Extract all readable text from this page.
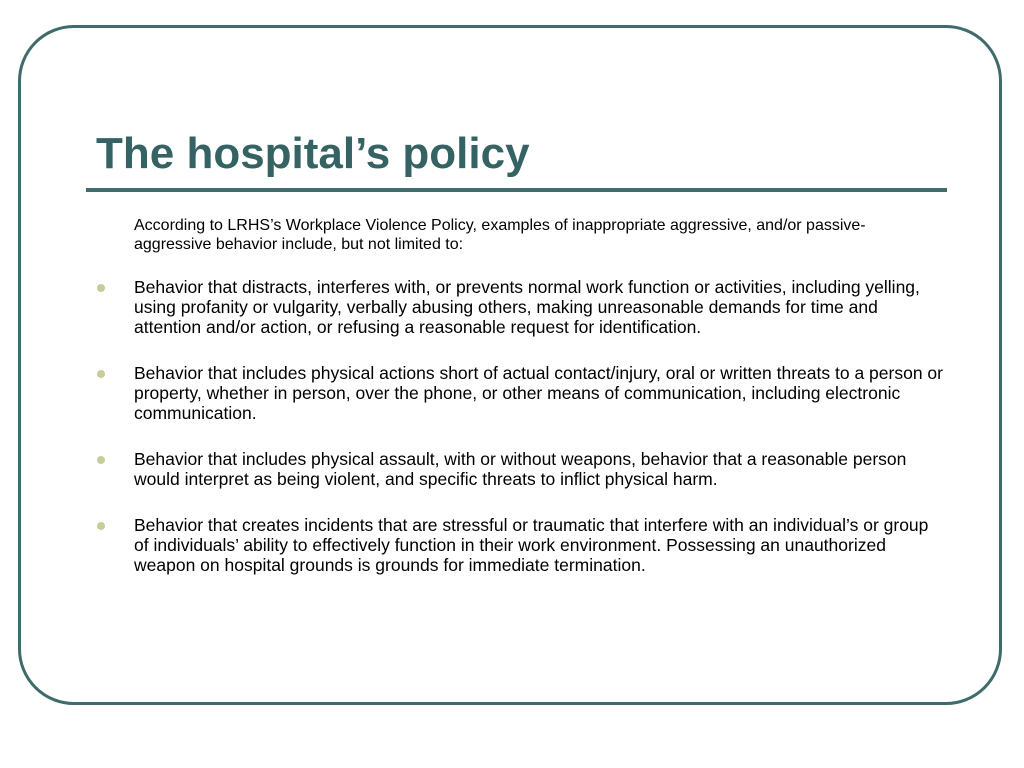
The hospital’s policy

According to LRHS’s Workplace Violence Policy, examples of inappropriate aggressive, and/or passive-aggressive behavior include, but not limited to:

Behavior that distracts, interferes with, or prevents normal work function or activities, including yelling, using profanity or vulgarity, verbally abusing others, making unreasonable demands for time and attention and/or action, or refusing a reasonable request for identification.
Behavior that includes physical actions short of actual contact/injury, oral or written threats to a person or property, whether in person, over the phone, or other means of communication, including electronic communication.
Behavior that includes physical assault, with or without weapons, behavior that a reasonable person would interpret as being violent, and specific threats to inflict physical harm.
Behavior that creates incidents that are stressful or traumatic that interfere with an individual’s or group of individuals’ ability to effectively function in their work environment. Possessing an unauthorized weapon on hospital grounds is grounds for immediate termination.
